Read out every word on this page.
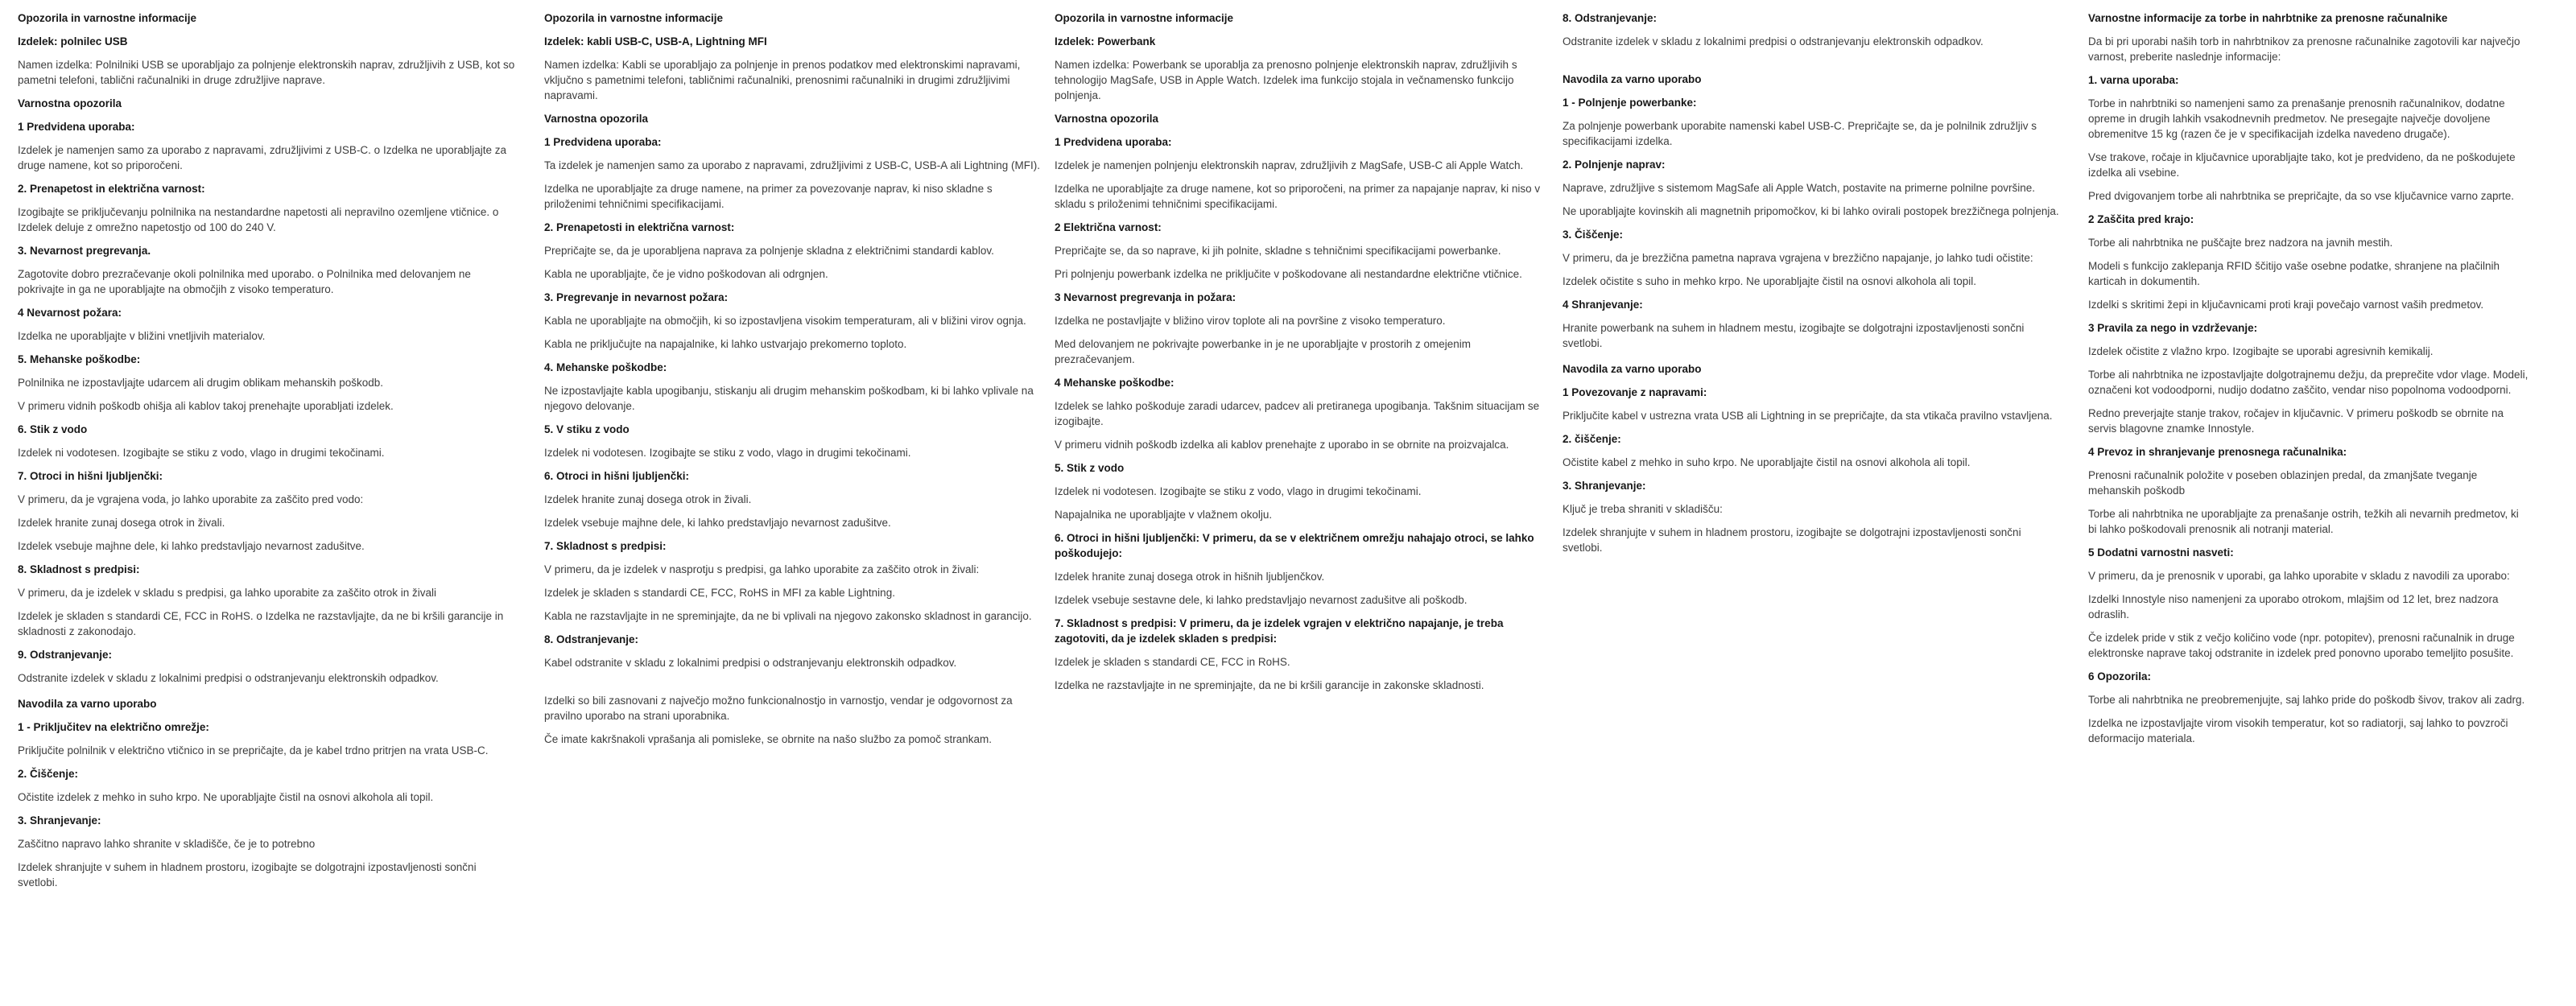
Opozorila in varnostne informacije
Izdelek: polnilec USB

Namen izdelka: Polnilniki USB se uporabljajo za polnjenje elektronskih naprav, združljivih z USB, kot so pametni telefoni, tablični računalniki in druge združljive naprave.

Varnostna opozorila
1 Predvidena uporaba:

Izdelek je namenjen samo za uporabo z napravami, združljivimi z USB-C. o Izdelka ne uporabljajte za druge namene, kot so priporočeni.

2. Prenapetost in električna varnost:

Izogibajte se priključevanju polnilnika na nestandardne napetosti ali nepravilno ozemljene vtičnice. o Izdelek deluje z omrežno napetostjo od 100 do 240 V.

3. Nevarnost pregrevanja.

Zagotovite dobro prezračevanje okoli polnilnika med uporabo. o Polnilnika med delovanjem ne pokrivajte in ga ne uporabljajte na območjih z visoko temperaturo.

4 Nevarnost požara:

Izdelka ne uporabljajte v bližini vnetljivih materialov.

5. Mehanske poškodbe:

Polnilnika ne izpostavljajte udarcem ali drugim oblikam mehanskih poškodb.

V primeru vidnih poškodb ohišja ali kablov takoj prenehajte uporabljati izdelek.

6. Stik z vodo

Izdelek ni vodotesen. Izogibajte se stiku z vodo, vlago in drugimi tekočinami.

7. Otroci in hišni ljubljenčki:

V primeru, da je vgrajena voda, jo lahko uporabite za zaščito pred vodo:

Izdelek hranite zunaj dosega otrok in živali.

Izdelek vsebuje majhne dele, ki lahko predstavljajo nevarnost zadušitve.

8. Skladnost s predpisi:

V primeru, da je izdelek v skladu s predpisi, ga lahko uporabite za zaščito otrok in živali

Izdelek je skladen s standardi CE, FCC in RoHS. o Izdelka ne razstavljajte, da ne bi kršili garancije in skladnosti z zakonodajo.

9. Odstranjevanje:

Odstranite izdelek v skladu z lokalnimi predpisi o odstranjevanju elektronskih odpadkov.

Navodila za varno uporabo
1 - Priključitev na električno omrežje:

Priključite polnilnik v električno vtičnico in se prepričajte, da je kabel trdno pritrjen na vrata USB-C.

2. Čiščenje:

Očistite izdelek z mehko in suho krpo. Ne uporabljajte čistil na osnovi alkohola ali topil.

3. Shranjevanje:

Zaščitno napravo lahko shranite v skladišče, če je to potrebno

Izdelek shranjujte v suhem in hladnem prostoru, izogibajte se dolgotrajni izpostavljenosti sončni svetlobi.

Opozorila in varnostne informacije
Izdelek: kabli USB-C, USB-A, Lightning MFI

Namen izdelka: Kabli se uporabljajo za polnjenje in prenos podatkov med elektronskimi napravami, vključno s pametnimi telefoni, tabličnimi računalniki, prenosnimi računalniki in drugimi združljivimi napravami.

Varnostna opozorila
1 Predvidena uporaba:

Ta izdelek je namenjen samo za uporabo z napravami, združljivimi z USB-C, USB-A ali Lightning (MFI).

Izdelka ne uporabljajte za druge namene, na primer za povezovanje naprav, ki niso skladne s priloženimi tehničnimi specifikacijami.

2. Prenapetosti in električna varnost:

Prepričajte se, da je uporabljena naprava za polnjenje skladna z električnimi standardi kablov.

Kabla ne uporabljajte, če je vidno poškodovan ali odrgnjen.

3. Pregrevanje in nevarnost požara:

Kabla ne uporabljajte na območjih, ki so izpostavljena visokim temperaturam, ali v bližini virov ognja.

Kabla ne priključujte na napajalnike, ki lahko ustvarjajo prekomerno toploto.

4. Mehanske poškodbe:

Ne izpostavljajte kabla upogibanju, stiskanju ali drugim mehanskim poškodbam, ki bi lahko vplivale na njegovo delovanje.

5. V stiku z vodo

Izdelek ni vodotesen. Izogibajte se stiku z vodo, vlago in drugimi tekočinami.

6. Otroci in hišni ljubljenčki:

Izdelek hranite zunaj dosega otrok in živali.

Izdelek vsebuje majhne dele, ki lahko predstavljajo nevarnost zadušitve.

7. Skladnost s predpisi:

V primeru, da je izdelek v nasprotju s predpisi, ga lahko uporabite za zaščito otrok in živali:

Izdelek je skladen s standardi CE, FCC, RoHS in MFI za kable Lightning.

Kabla ne razstavljajte in ne spreminjajte, da ne bi vplivali na njegovo zakonsko skladnost in garancijo.

8. Odstranjevanje:

Kabel odstranite v skladu z lokalnimi predpisi o odstranjevanju elektronskih odpadkov.

Izdelki so bili zasnovani z največjo možno funkcionalnostjo in varnostjo, vendar je odgovornost za pravilno uporabo na strani uporabnika.

Če imate kakršnakoli vprašanja ali pomisleke, se obrnite na našo službo za pomoč strankam.

Opozorila in varnostne informacije
Izdelek: Powerbank

Namen izdelka: Powerbank se uporablja za prenosno polnjenje elektronskih naprav, združljivih s tehnologijo MagSafe, USB in Apple Watch. Izdelek ima funkcijo stojala in večnamensko funkcijo polnjenja.

Varnostna opozorila
1 Predvidena uporaba:

Izdelek je namenjen polnjenju elektronskih naprav, združljivih z MagSafe, USB-C ali Apple Watch.

Izdelka ne uporabljajte za druge namene, kot so priporočeni, na primer za napajanje naprav, ki niso v skladu s priloženimi tehničnimi specifikacijami.

2 Električna varnost:

Prepričajte se, da so naprave, ki jih polnite, skladne s tehničnimi specifikacijami powerbanke.

Pri polnjenju powerbank izdelka ne priključite v poškodovane ali nestandardne električne vtičnice.

3 Nevarnost pregrevanja in požara:

Izdelka ne postavljajte v bližino virov toplote ali na površine z visoko temperaturo.

Med delovanjem ne pokrivajte powerbanke in je ne uporabljajte v prostorih z omejenim prezračevanjem.

4 Mehanske poškodbe:

Izdelek se lahko poškoduje zaradi udarcev, padcev ali pretiranega upogibanja. Takšnim situacijam se izogibajte.

V primeru vidnih poškodb izdelka ali kablov prenehajte z uporabo in se obrnite na proizvajalca.

5. Stik z vodo

Izdelek ni vodotesen. Izogibajte se stiku z vodo, vlago in drugimi tekočinami.

Napajalnika ne uporabljajte v vlažnem okolju.

6. Otroci in hišni ljubljenčki: V primeru, da se v električnem omrežju nahajajo otroci, se lahko poškodujejo:

Izdelek hranite zunaj dosega otrok in hišnih ljubljenčkov.

Izdelek vsebuje sestavne dele, ki lahko predstavljajo nevarnost zadušitve ali poškodb.

7. Skladnost s predpisi: V primeru, da je izdelek vgrajen v električno napajanje, je treba zagotoviti, da je izdelek skladen s predpisi:

Izdelek je skladen s standardi CE, FCC in RoHS.

Izdelka ne razstavljajte in ne spreminjajte, da ne bi kršili garancije in zakonske skladnosti.

8. Odstranjevanje:

Odstranite izdelek v skladu z lokalnimi predpisi o odstranjevanju elektronskih odpadkov.

Navodila za varno uporabo
1 - Polnjenje powerbanke:

Za polnjenje powerbank uporabite namenski kabel USB-C. Prepričajte se, da je polnilnik združljiv s specifikacijami izdelka.

2. Polnjenje naprav:

Naprave, združljive s sistemom MagSafe ali Apple Watch, postavite na primerne polnilne površine.

Ne uporabljajte kovinskih ali magnetnih pripomočkov, ki bi lahko ovirali postopek brezžičnega polnjenja.

3. Čiščenje:

V primeru, da je brezžična pametna naprava vgrajena v brezžično napajanje, jo lahko tudi očistite:

Izdelek očistite s suho in mehko krpo. Ne uporabljajte čistil na osnovi alkohola ali topil.

4 Shranjevanje:

Hranite powerbank na suhem in hladnem mestu, izogibajte se dolgotrajni izpostavljenosti sončni svetlobi.

Navodila za varno uporabo
1 Povezovanje z napravami:

Priključite kabel v ustrezna vrata USB ali Lightning in se prepričajte, da sta vtikača pravilno vstavljena.

2. čiščenje:

Očistite kabel z mehko in suho krpo. Ne uporabljajte čistil na osnovi alkohola ali topil.

3. Shranjevanje:

Ključ je treba shraniti v skladišču:

Izdelek shranjujte v suhem in hladnem prostoru, izogibajte se dolgotrajni izpostavljenosti sončni svetlobi.

Varnostne informacije za torbe in nahrbtnike za prenosne računalnike

Da bi pri uporabi naših torb in nahrbtnikov za prenosne računalnike zagotovili kar največjo varnost, preberite naslednje informacije:

1. varna uporaba:

Torbe in nahrbtniki so namenjeni samo za prenašanje prenosnih računalnikov, dodatne opreme in drugih lahkih vsakodnevnih predmetov. Ne presegajte največje dovoljene obremenitve 15 kg (razen če je v specifikacijah izdelka navedeno drugače).

Vse trakove, ročaje in ključavnice uporabljajte tako, kot je predvideno, da ne poškodujete izdelka ali vsebine.

Pred dvigovanjem torbe ali nahrbtnika se prepričajte, da so vse ključavnice varno zaprte.

2 Zaščita pred krajo:

Torbe ali nahrbtnika ne puščajte brez nadzora na javnih mestih.

Modeli s funkcijo zaklepanja RFID ščitijo vaše osebne podatke, shranjene na plačilnih karticah in dokumentih.

Izdelki s skritimi žepi in ključavnicami proti kraji povečajo varnost vaših predmetov.

3 Pravila za nego in vzdrževanje:

Izdelek očistite z vlažno krpo. Izogibajte se uporabi agresivnih kemikalij.

Torbe ali nahrbtnika ne izpostavljajte dolgotrajnemu dežju, da preprečite vdor vlage. Modeli, označeni kot vodoodporni, nudijo dodatno zaščito, vendar niso popolnoma vodoodporni.

Redno preverjajte stanje trakov, ročajev in ključavnic. V primeru poškodb se obrnite na servis blagovne znamke Innostyle.

4 Prevoz in shranjevanje prenosnega računalnika:

Prenosni računalnik položite v poseben oblazinjen predal, da zmanjšate tveganje mehanskih poškodb

Torbe ali nahrbtnika ne uporabljajte za prenašanje ostrih, težkih ali nevarnih predmetov, ki bi lahko poškodovali prenosnik ali notranji material.

5 Dodatni varnostni nasveti:

V primeru, da je prenosnik v uporabi, ga lahko uporabite v skladu z navodili za uporabo:

Izdelki Innostyle niso namenjeni za uporabo otrokom, mlajšim od 12 let, brez nadzora odraslih.

Če izdelek pride v stik z večjo količino vode (npr. potopitev), prenosni računalnik in druge elektronske naprave takoj odstranite in izdelek pred ponovno uporabo temeljito posušite.

6 Opozorila:

Torbe ali nahrbtnika ne preobremenjujte, saj lahko pride do poškodb šivov, trakov ali zadrg.

Izdelka ne izpostavljajte virom visokih temperatur, kot so radiatorji, saj lahko to povzroči deformacijo materiala.
